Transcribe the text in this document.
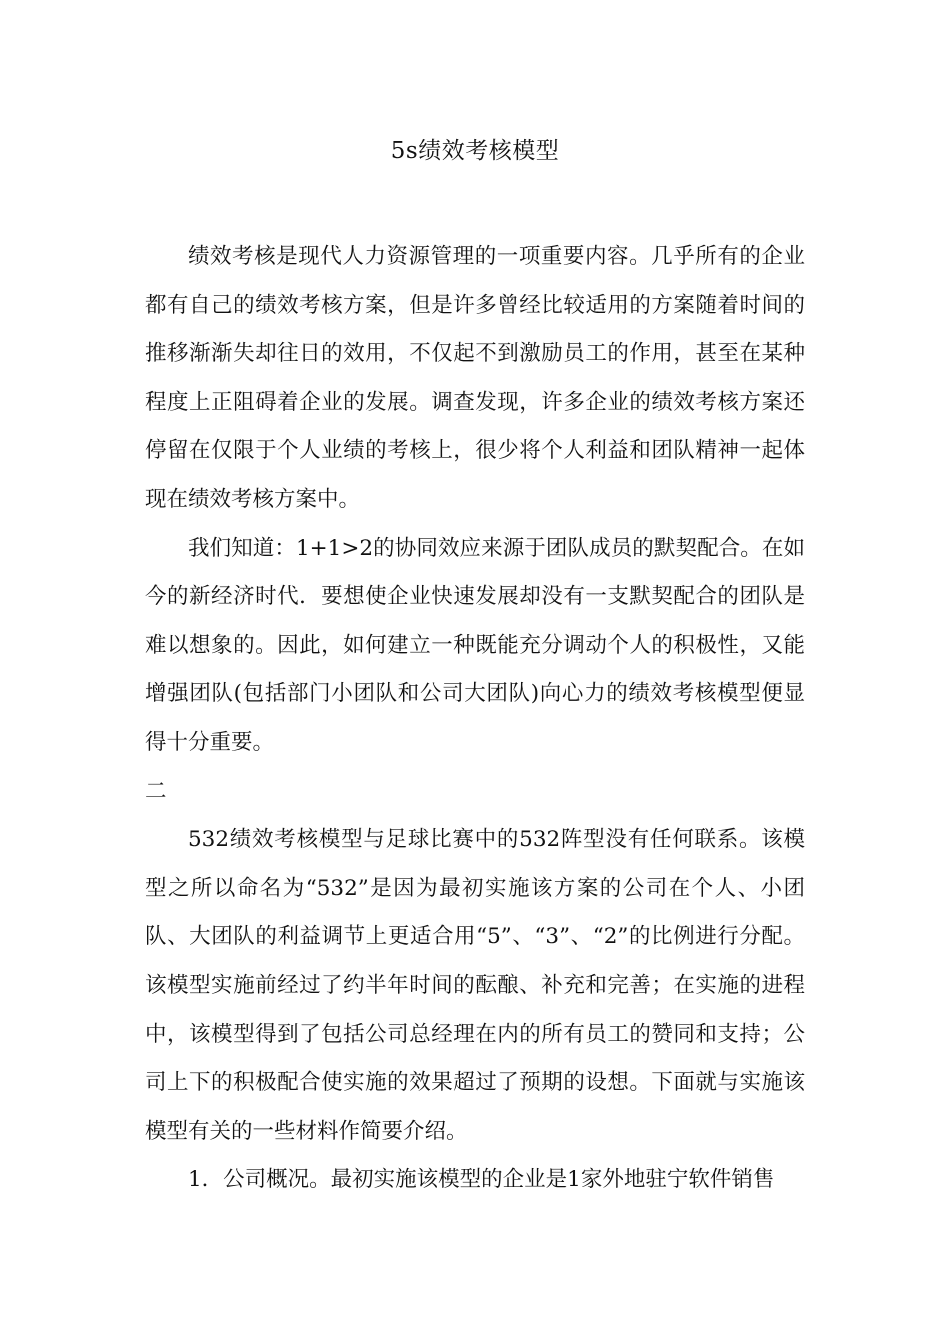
5s绩效考核模型

绩效考核是现代人力资源管理的一项重要内容。几乎所有的企业都有自己的绩效考核方案，但是许多曾经比较适用的方案随着时间的推移渐渐失却往日的效用，不仅起不到激励员工的作用，甚至在某种程度上正阻碍着企业的发展。调查发现，许多企业的绩效考核方案还停留在仅限于个人业绩的考核上，很少将个人利益和团队精神一起体现在绩效考核方案中。

我们知道：1+1>2的协同效应来源于团队成员的默契配合。在如今的新经济时代．要想使企业快速发展却没有一支默契配合的团队是难以想象的。因此，如何建立一种既能充分调动个人的积极性，又能增强团队(包括部门小团队和公司大团队)向心力的绩效考核模型便显得十分重要。

二

532绩效考核模型与足球比赛中的532阵型没有任何联系。该模型之所以命名为“532”是因为最初实施该方案的公司在个人、小团队、大团队的利益调节上更适合用“5”、“3”、“2”的比例进行分配。该模型实施前经过了约半年时间的酝酿、补充和完善；在实施的进程中，该模型得到了包括公司总经理在内的所有员工的赞同和支持；公司上下的积极配合使实施的效果超过了预期的设想。下面就与实施该模型有关的一些材料作简要介绍。

1．公司概况。最初实施该模型的企业是1家外地驻宁软件销售
